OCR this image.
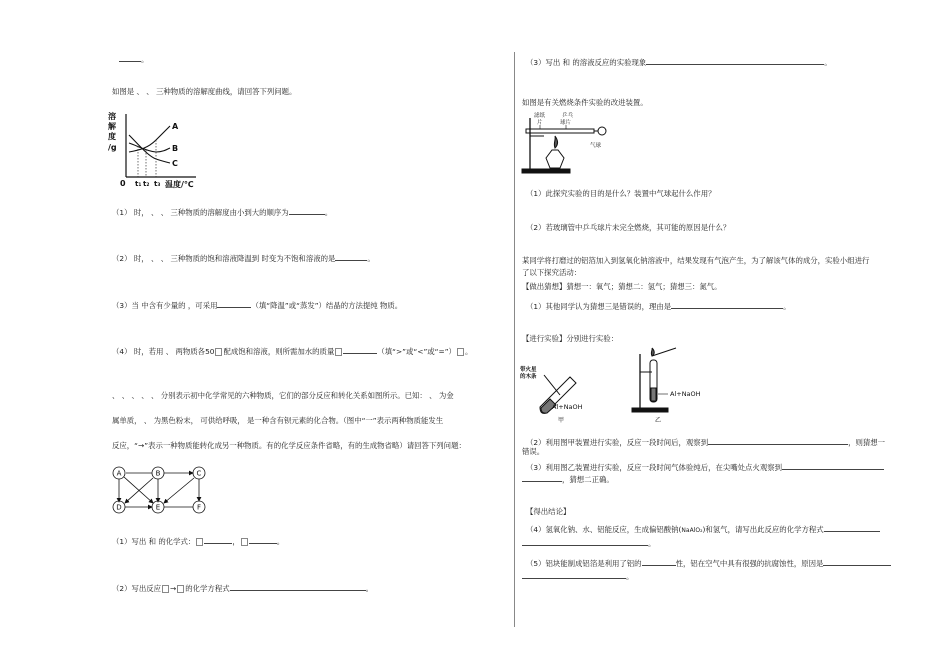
。
如图是 、 、 三种物质的溶解度曲线，请回答下列问题。
溶
解
度
/g
A
B
C
0 t₁ t₂ t₃ 温度/℃
（1） 时， 、 、 三种物质的溶解度由小到大的顺序为	。
（2） 时， 、 、 三种物质的饱和溶液降温到 时变为不饱和溶液的是	。
（3）当 中含有少量的 ，可采用	（填“降温”或“蒸发”）结晶的方法提纯 物质。
（4） 时，若用 、 两物质各50 配成饱和溶液，则所需加水的质量	（填“>”或“<”或“=”） 。
、 、 、 、 、 分别表示初中化学常见的六种物质，它们的部分反应和转化关系如图所示。已知： 、 为金
属单质， 、 为黑色粉末， 可供给呼吸， 是一种含有钡元素的化合物。（图中“一”表示两种物质能发生
反应，“→”表示一种物质能转化成另一种物质。有的化学反应条件省略，有的生成物省略）请回答下列问题：
A	B	C
D	E	F
（1）写出 和 的化学式：	，	。
（2）写出反应 → 的化学方程式	。
（3）写出 和 的溶液反应的实验现象	。
如图是有关燃烧条件实验的改进装置。
滤纸
片
乒乓
球片
气球
（1）此探究实验的目的是什么？装置中气球起什么作用？
（2）若玻璃管中乒乓球片未完全燃烧，其可能的原因是什么？
某同学将打磨过的铝箔加入到氢氧化钠溶液中，结果发现有气泡产生，为了解该气体的成分，实验小组进行
了以下探究活动：
【做出猜想】猜想一：氧气；猜想二：氢气；猜想三：氮气。
（1）其他同学认为猜想三是错误的，理由是	。
【进行实验】分别进行实验：
带火星
的木条
Al+NaOH
甲
Al+NaOH
乙
（2）利用图甲装置进行实验，反应一段时间后，观察到	，则猜想一
错误。
（3）利用图乙装置进行实验，反应一段时间气体验纯后，在尖嘴处点火观察到
，猜想二正确。
【得出结论】
（4）氢氧化钠、水、铝能反应，生成偏铝酸钠(NaAlO₂)和氢气，请写出此反应的化学方程式
。
（5）铝块能制成铝箔是利用了铝的	性，铝在空气中具有很强的抗腐蚀性，原因是
。
